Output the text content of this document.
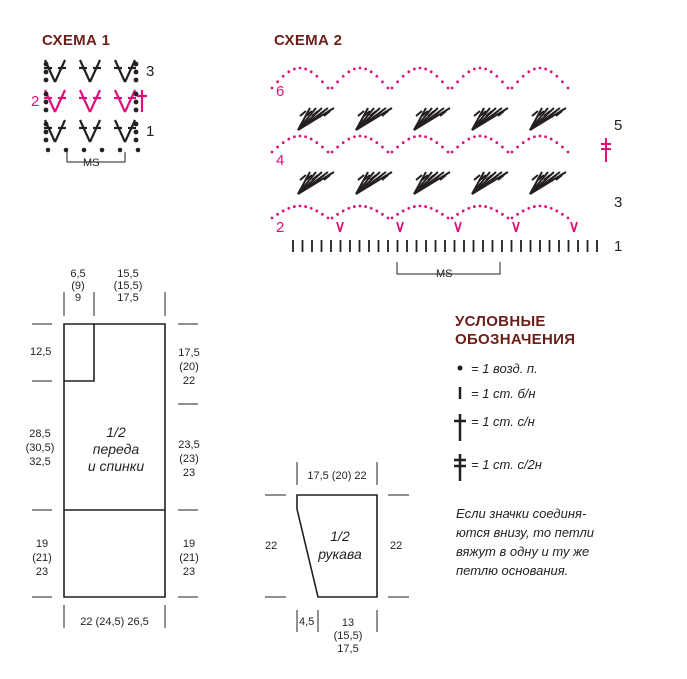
СХЕМА 1
3
2
1
MS
СХЕМА 2
6
4
2
5
3
1
MS
6,5
(9)
9
15,5
(15,5)
17,5
12,5
28,5
(30,5)
32,5
19
(21)
23
17,5
(20)
22
23,5
(23)
23
19
(21)
23
22 (24,5) 26,5
1/2
переда
и спинки
17,5 (20) 22
22	22
4,5	13
(15,5)
17,5
1/2
рукава
УСЛОВНЫЕ
ОБОЗНАЧЕНИЯ
= 1 возд. п.
= 1 ст. б/н
= 1 ст. с/н
= 1 ст. с/2н
Если значки соединя-
ются внизу, то петли
вяжут в одну и ту же
петлю основания.
